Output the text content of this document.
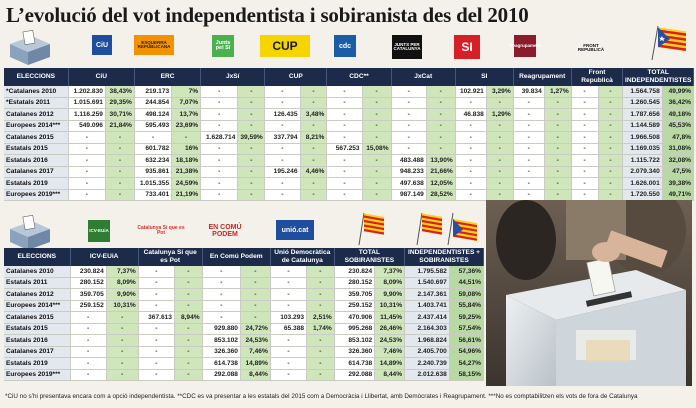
L’evolució del vot independentista i sobiranista des del 2010
CiU	ESQUERRA REPUBLICANA
Junts pel Sí	CUP	cdc	JUNTS PER CATALUNYA	SI	Reagrupament	FRONT REPUBLICÀ
ELECCIONS	CiU		ERC		JxSí		CUP		CDC**		JxCat		SI		Reagrupament		Front Republicà		TOTAL INDEPENDENTISTES	
*Catalanes 2010	1.202.830	38,43%	219.173	7%	-	-	-	-	-	-	-	-	102.921	3,29%	39.834	1,27%	-	-	1.564.758	49,99%
*Estatals 2011	1.015.691	29,35%	244.854	7,07%	-	-	-	-	-	-	-	-	-	-	-	-	-	-	1.260.545	36,42%
Catalanes 2012	1.116.259	30,71%	498.124	13,7%	-	-	126.435	3,48%	-	-	-	-	46.838	1,29%	-	-	-	-	1.787.656	49,18%
Europees 2014***	549.096	21,84%	595.493	23,69%	-	-	-	-	-	-	-	-	-	-	-	-	-	-	1.144.589	45,53%
Catalanes 2015	-	-	-	-	1.628.714	39,59%	337.794	8,21%	-	-	-	-	-	-	-	-	-	-	1.966.508	47,8%
Estatals 2015	-	-	601.782	16%	-	-	-	-	567.253	15,08%	-	-	-	-	-	-	-	-	1.169.035	31,08%
Estatals 2016	-	-	632.234	18,18%	-	-	-	-	-	-	483.488	13,90%	-	-	-	-	-	-	1.115.722	32,08%
Catalanes 2017	-	-	935.861	21,38%	-	-	195.246	4,46%	-	-	948.233	21,66%	-	-	-	-	-	-	2.079.340	47,5%
Estatals 2019	-	-	1.015.355	24,59%	-	-	-	-	-	-	497.638	12,05%	-	-	-	-	-	-	1.626.001	39,38%
Europees 2019***	-	-	733.401	21,19%	-	-	-	-	-	-	987.149	28,52%	-	-	-	-	-	-	1.720.550	49,71%
ICV-EUiA	Catalunya Sí que es Pot
EN COMÚ PODEM
unió.cat
ELECCIONS	ICV-EUiA		Catalunya Sí que es Pot		En Comú Podem		Unió Democràtica de Catalunya		TOTAL SOBIRANISTES		INDEPENDENTISTES + SOBIRANISTES	
Catalanes 2010	230.824	7,37%	-	-	-	-	-	-	230.824	7,37%	1.795.582	57,36%
Estatals 2011	280.152	8,09%	-	-	-	-	-	-	280.152	8,09%	1.540.697	44,51%
Catalanes 2012	359.705	9,90%	-	-	-	-	-	-	359.705	9,90%	2.147.361	59,08%
Europees 2014***	259.152	10,31%	-	-	-	-	-	-	259.152	10,31%	1.403.741	55,84%
Catalanes 2015	-	-	367.613	8,94%	-	-	103.293	2,51%	470.906	11,45%	2.437.414	59,25%
Estatals 2015	-	-	-	-	929.880	24,72%	65.388	1,74%	995.268	26,46%	2.164.303	57,54%
Estatals 2016	-	-	-	-	853.102	24,53%	-	-	853.102	24,53%	1.968.824	56,61%
Catalanes 2017	-	-	-	-	326.360	7,46%	-	-	326.360	7,46%	2.405.700	54,96%
Estatals 2019	-	-	-	-	614.738	14,89%	-	-	614.738	14,89%	2.240.739	54,27%
Europees 2019***	-	-	-	-	292.088	8,44%	-	-	292.088	8,44%	2.012.638	58,15%
*CiU no s’hi presentava encara com a opció independentista. **CDC es va presentar a les estatals del 2015 com a Democràcia i Llibertat, amb Demòcrates i Reagrupament. ***No es comptabilitzen els vots de fora de Catalunya
